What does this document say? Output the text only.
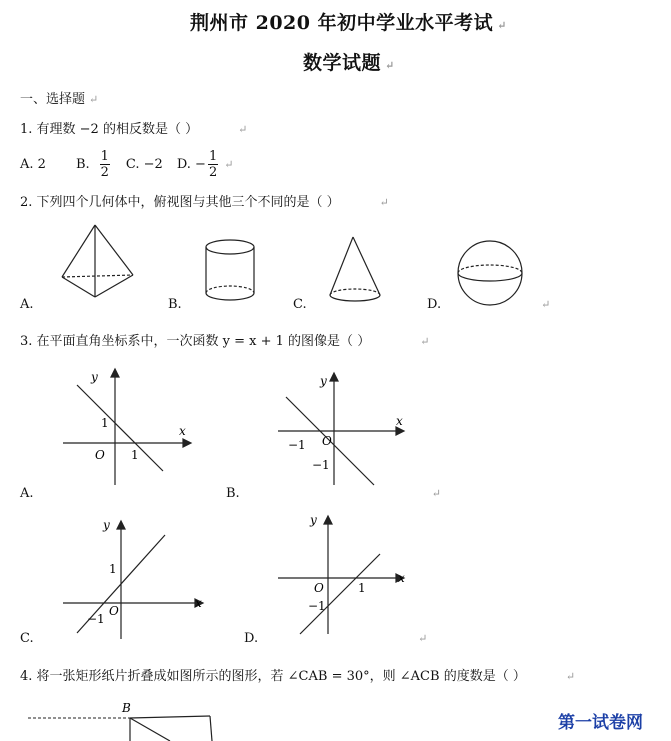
荆州市 2020 年初中学业水平考试 ↵
数学试题 ↵
一、选择题 ↵
1. 有理数 −2 的相反数是（ ）	↵
A. 2 B. $\frac{1}{2} C$. −2 D. − $\frac{1}{2}$ ↵
2. 下列四个几何体中，俯视图与其他三个不同的是（ ）	↵
A.	B.	C.	D.	↵
3. 在平面直角坐标系中，一次函数 y = x + 1 的图像是（ ）	↵
y
x
O
1
1
y
x
O
−1
−1
A.	B.	↵
y
x
O
1
−1
y
x
O	1
−1
C.	D.	↵
4. 将一张矩形纸片折叠成如图所示的图形，若 ∠CAB = 30°，则 ∠ACB 的度数是（ ）	↵
B
第一试卷网
